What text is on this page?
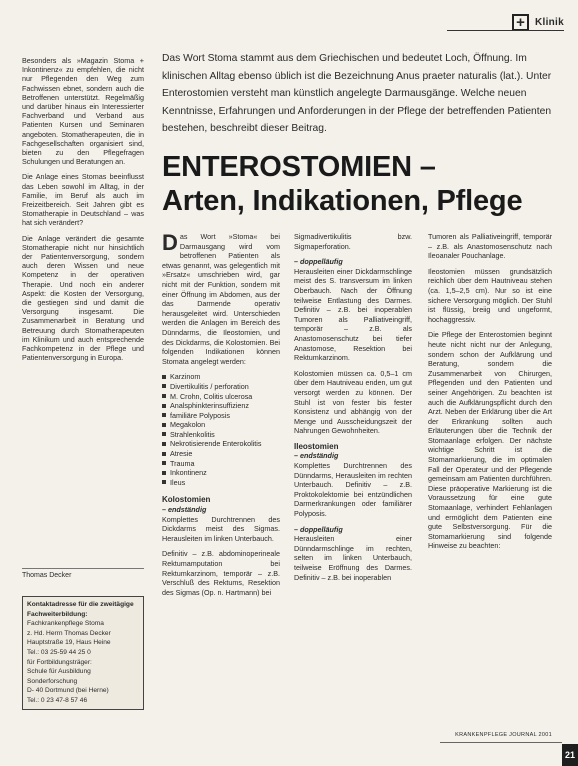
+	Klinik

Besonders als »Magazin Stoma + Inkontinenz« zu empfehlen, die nicht nur Pflegenden den Weg zum Fachwissen ebnet, sondern auch die Betroffenen unterstützt. Regelmäßig und darüber hinaus ein Interessierter Fachverband und Verband aus Patienten Kursen und Seminaren angeboten. Stomatherapeuten, die in Fachgesellschaften organisiert sind, bieten zu den Pflegefragen Schulungen und Beratungen an.

Die Anlage eines Stomas beeinflusst das Leben sowohl im Alltag, in der Familie, im Beruf als auch im Freizeitbereich. Seit Jahren gibt es Stomatherapie in Deutschland – was hat sich verändert?

Die Anlage verändert die gesamte Stomatherapie nicht nur hinsichtlich der Patientenversorgung, sondern auch deren Wissen und neue Kompetenz in der operativen Therapie. Und noch ein anderer Aspekt: die Kosten der Versorgung, die gestiegen sind und damit die Versorgung insgesamt. Die Zusammenarbeit in Beratung und Betreuung durch Stomatherapeuten im Klinikum und auch entsprechende Fachkompetenz in der Pflege und Patientenversorgung in Europa.

Thomas Decker
Kontaktadresse für die zweitägige Fachweiterbildung:
Fachkrankenpflege Stoma
z. Hd. Herrn Thomas Decker
Hauptstraße 19, Haus Heine
Tel.: 03 25-59 44 25 0
für Fortbildungsträger:
Schule für Ausbildung
Sonderforschung
D- 40 Dortmund (bei Herne)
Tel.: 0 23 47-8 57 46
Das Wort Stoma stammt aus dem Griechischen und bedeutet Loch, Öffnung. Im klinischen Alltag ebenso üblich ist die Bezeichnung Anus praeter naturalis (lat.). Unter Enterostomien versteht man künstlich angelegte Darmausgänge. Welche neuen Kenntnisse, Erfahrungen und Anforderungen in der Pflege der betreffenden Patienten bestehen, beschreibt dieser Beitrag.
ENTEROSTOMIEN –
Arten, Indikationen, Pflege

Das Wort »Stoma« bei Darmausgang wird vom betroffenen Patienten als etwas genannt, was gelegentlich mit »Ersatz« umschrieben wird, gar nicht mit der Funktion, sondern mit einer Öffnung im Abdomen, aus der das Darmende operativ herausgeleitet wird. Unterschieden werden die Anlagen im Bereich des Dünndarms, die Ileostomien, und des Dickdarms, die Kolostomien. Bei folgenden Indikationen können Stomata angelegt werden:

Karzinom
Divertikulitis / perforation
M. Crohn, Colitis ulcerosa
Analsphinkterinsuffizienz
familiäre Polyposis
Megakolon
Strahlenkolitis
Nekrotisierende Enterokolitis
Atresie
Trauma
Inkontinenz
Ileus
Kolostomien
– endständig

Komplettes Durchtrennen des Dickdarms meist des Sigmas. Herausleiten im linken Unterbauch.

Definitiv – z.B. abdominoperineale Rektumamputation bei Rektumkarzinom, temporär – z.B. Verschluß des Rektums, Resektion des Sigmas (Op. n. Hartmann) bei

Sigmadivertikulitis bzw. Sigmaperforation.

– doppelläufig

Herausleiten einer Dickdarmschlinge meist des S. transversum im linken Oberbauch. Nach der Öffnung teilweise Entlastung des Darmes. Definitiv – z.B. bei inoperablen Tumoren als Palliativeingriff, temporär – z.B. als Anastomosenschutz bei tiefer Anastomose, Resektion bei Rektumkarzinom.

Kolostomien müssen ca. 0,5–1 cm über dem Hautniveau enden, um gut versorgt werden zu können. Der Stuhl ist von fester bis fester Konsistenz und abhängig von der Menge und Ausscheidungszeit der Nahrungen Gewohnheiten.

Ileostomien
– endständig

Komplettes Durchtrennen des Dünndarms, Herausleiten im rechten Unterbauch. Definitiv – z.B. Proktokolektomie bei entzündlichen Darmerkrankungen oder familiärer Polyposis.

– doppelläufig

Herausleiten einer Dünndarmschlinge im rechten, selten im linken Unterbauch, teilweise Eröffnung des Darmes. Definitiv – z.B. bei inoperablen

Tumoren als Palliativeingriff, temporär – z.B. als Anastomosenschutz nach Ileoanaler Pouchanlage.

Ileostomien müssen grundsätzlich reichlich über dem Hautniveau stehen (ca. 1,5–2,5 cm). Nur so ist eine sichere Versorgung möglich. Der Stuhl ist flüssig, breiig und ungeformt, hochaggressiv.

Die Pflege der Enterostomien beginnt heute nicht nicht nur der Anlegung, sondern schon der Aufklärung und Beratung, sondern die Zusammenarbeit von Chirurgen, Pflegenden und den Patienten und seiner Angehörigen. Zu beachten ist auch die Aufklärungspflicht durch den Arzt. Neben der Erklärung über die Art der Erkrankung sollten auch Erläuterungen über die Technik der Stomaanlage erfolgen. Der nächste wichtige Schritt ist die Stomamarkierung, die im optimalen Fall der Operateur und der Pflegende gemeinsam am Patienten durchführen. Diese präoperative Markierung ist die Voraussetzung für eine gute Stomaanlage, verhindert Fehlanlagen und ermöglicht dem Patienten eine gute Selbstversorgung. Für die Stomamarkierung sind folgende Hinweise zu beachten:

KRANKENPFLEGE JOURNAL 2001
21
